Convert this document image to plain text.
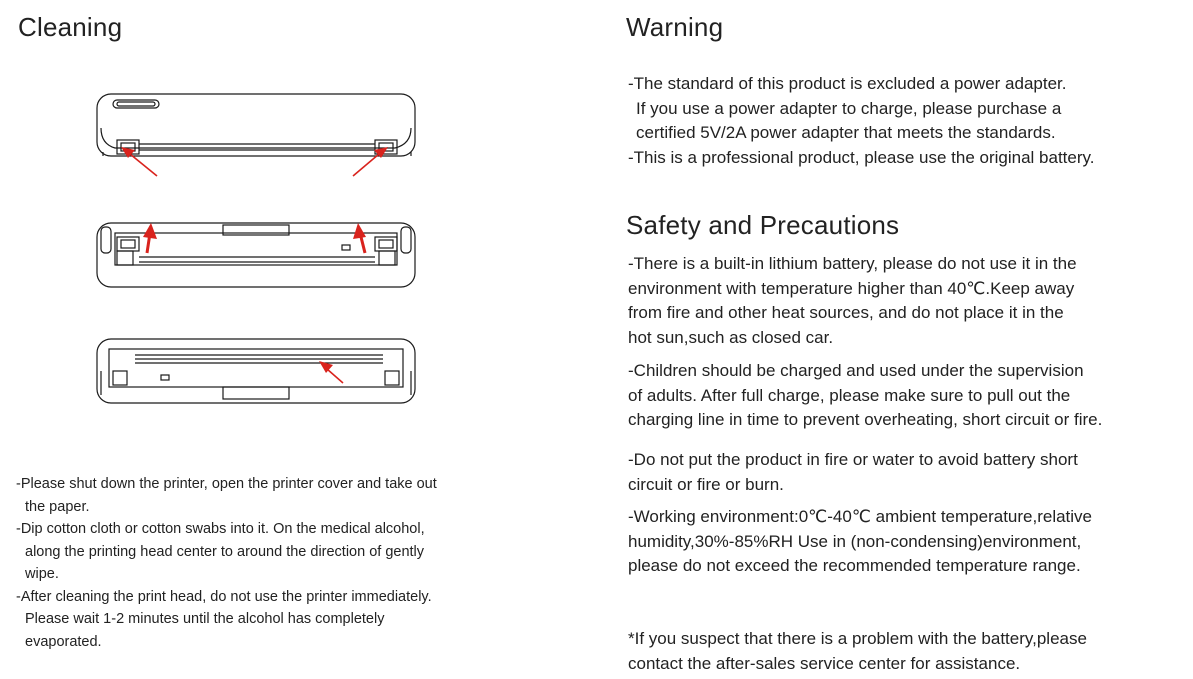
Cleaning
-Please shut down the printer, open the printer cover and take out
the paper.
-Dip cotton cloth or cotton swabs into it. On the medical alcohol,
along the printing head center to around the direction of gently
wipe.
-After cleaning the print head, do not use the printer immediately.
Please wait 1-2 minutes until the alcohol has completely
evaporated.
Warning
-The standard of this product is excluded a power adapter.
If you use a power adapter to charge, please purchase a
certified 5V/2A power adapter that meets the standards.
-This is a professional product, please use the original battery.
Safety and Precautions
-There is a built-in lithium battery, please do not use it in the
environment with temperature higher than 40℃.Keep away
from fire and other heat sources, and do not place it in the
hot sun,such as closed car.
-Children should be charged and used under the supervision
of adults. After full charge, please make sure to pull out the
charging line in time to prevent overheating, short circuit or fire.
-Do not put the product in fire or water to avoid battery short
circuit or fire or burn.
-Working environment:0℃-40℃ ambient temperature,relative
humidity,30%-85%RH Use in (non-condensing)environment,
please do not exceed the recommended temperature range.
*If you suspect that there is a problem with the battery,please
contact the after-sales service center for assistance.
